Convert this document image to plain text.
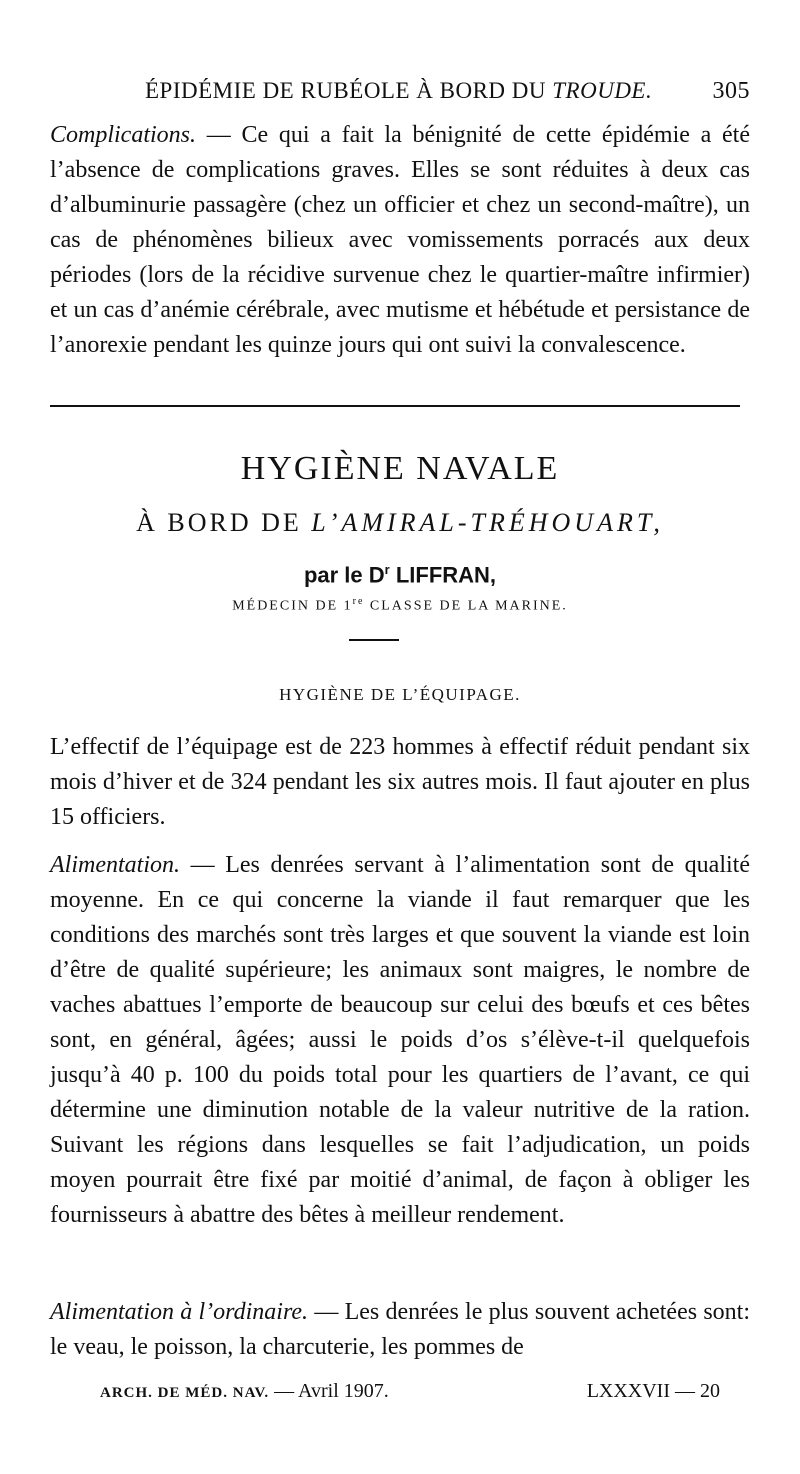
ÉPIDÉMIE DE RUBÉOLE À BORD DU TROUDE.	305

Complications. — Ce qui a fait la bénignité de cette épidémie a été l’absence de complications graves. Elles se sont réduites à deux cas d’albuminurie passagère (chez un officier et chez un second-maître), un cas de phénomènes bilieux avec vomissements porracés aux deux périodes (lors de la récidive survenue chez le quartier-maître infirmier) et un cas d’anémie cérébrale, avec mutisme et hébétude et persistance de l’anorexie pendant les quinze jours qui ont suivi la convalescence.

HYGIÈNE NAVALE

À BORD DE L’AMIRAL-TRÉHOUART,

par le $D^r$ LIFFRAN,

MÉDECIN DE 1re CLASSE DE LA MARINE.

HYGIÈNE DE L’ÉQUIPAGE.

L’effectif de l’équipage est de 223 hommes à effectif réduit pendant six mois d’hiver et de 324 pendant les six autres mois. Il faut ajouter en plus 15 officiers.

Alimentation. — Les denrées servant à l’alimentation sont de qualité moyenne. En ce qui concerne la viande il faut remarquer que les conditions des marchés sont très larges et que souvent la viande est loin d’être de qualité supérieure; les animaux sont maigres, le nombre de vaches abattues l’emporte de beaucoup sur celui des bœufs et ces bêtes sont, en général, âgées; aussi le poids d’os s’élève-t-il quelquefois jusqu’à 40 p. 100 du poids total pour les quartiers de l’avant, ce qui détermine une diminution notable de la valeur nutritive de la ration. Suivant les régions dans lesquelles se fait l’adjudication, un poids moyen pourrait être fixé par moitié d’animal, de façon à obliger les fournisseurs à abattre des bêtes à meilleur rendement.

Alimentation à l’ordinaire. — Les denrées le plus souvent achetées sont: le veau, le poisson, la charcuterie, les pommes de

ARCH. DE MÉD. NAV. — Avril 1907.	LXXXVII — 20
